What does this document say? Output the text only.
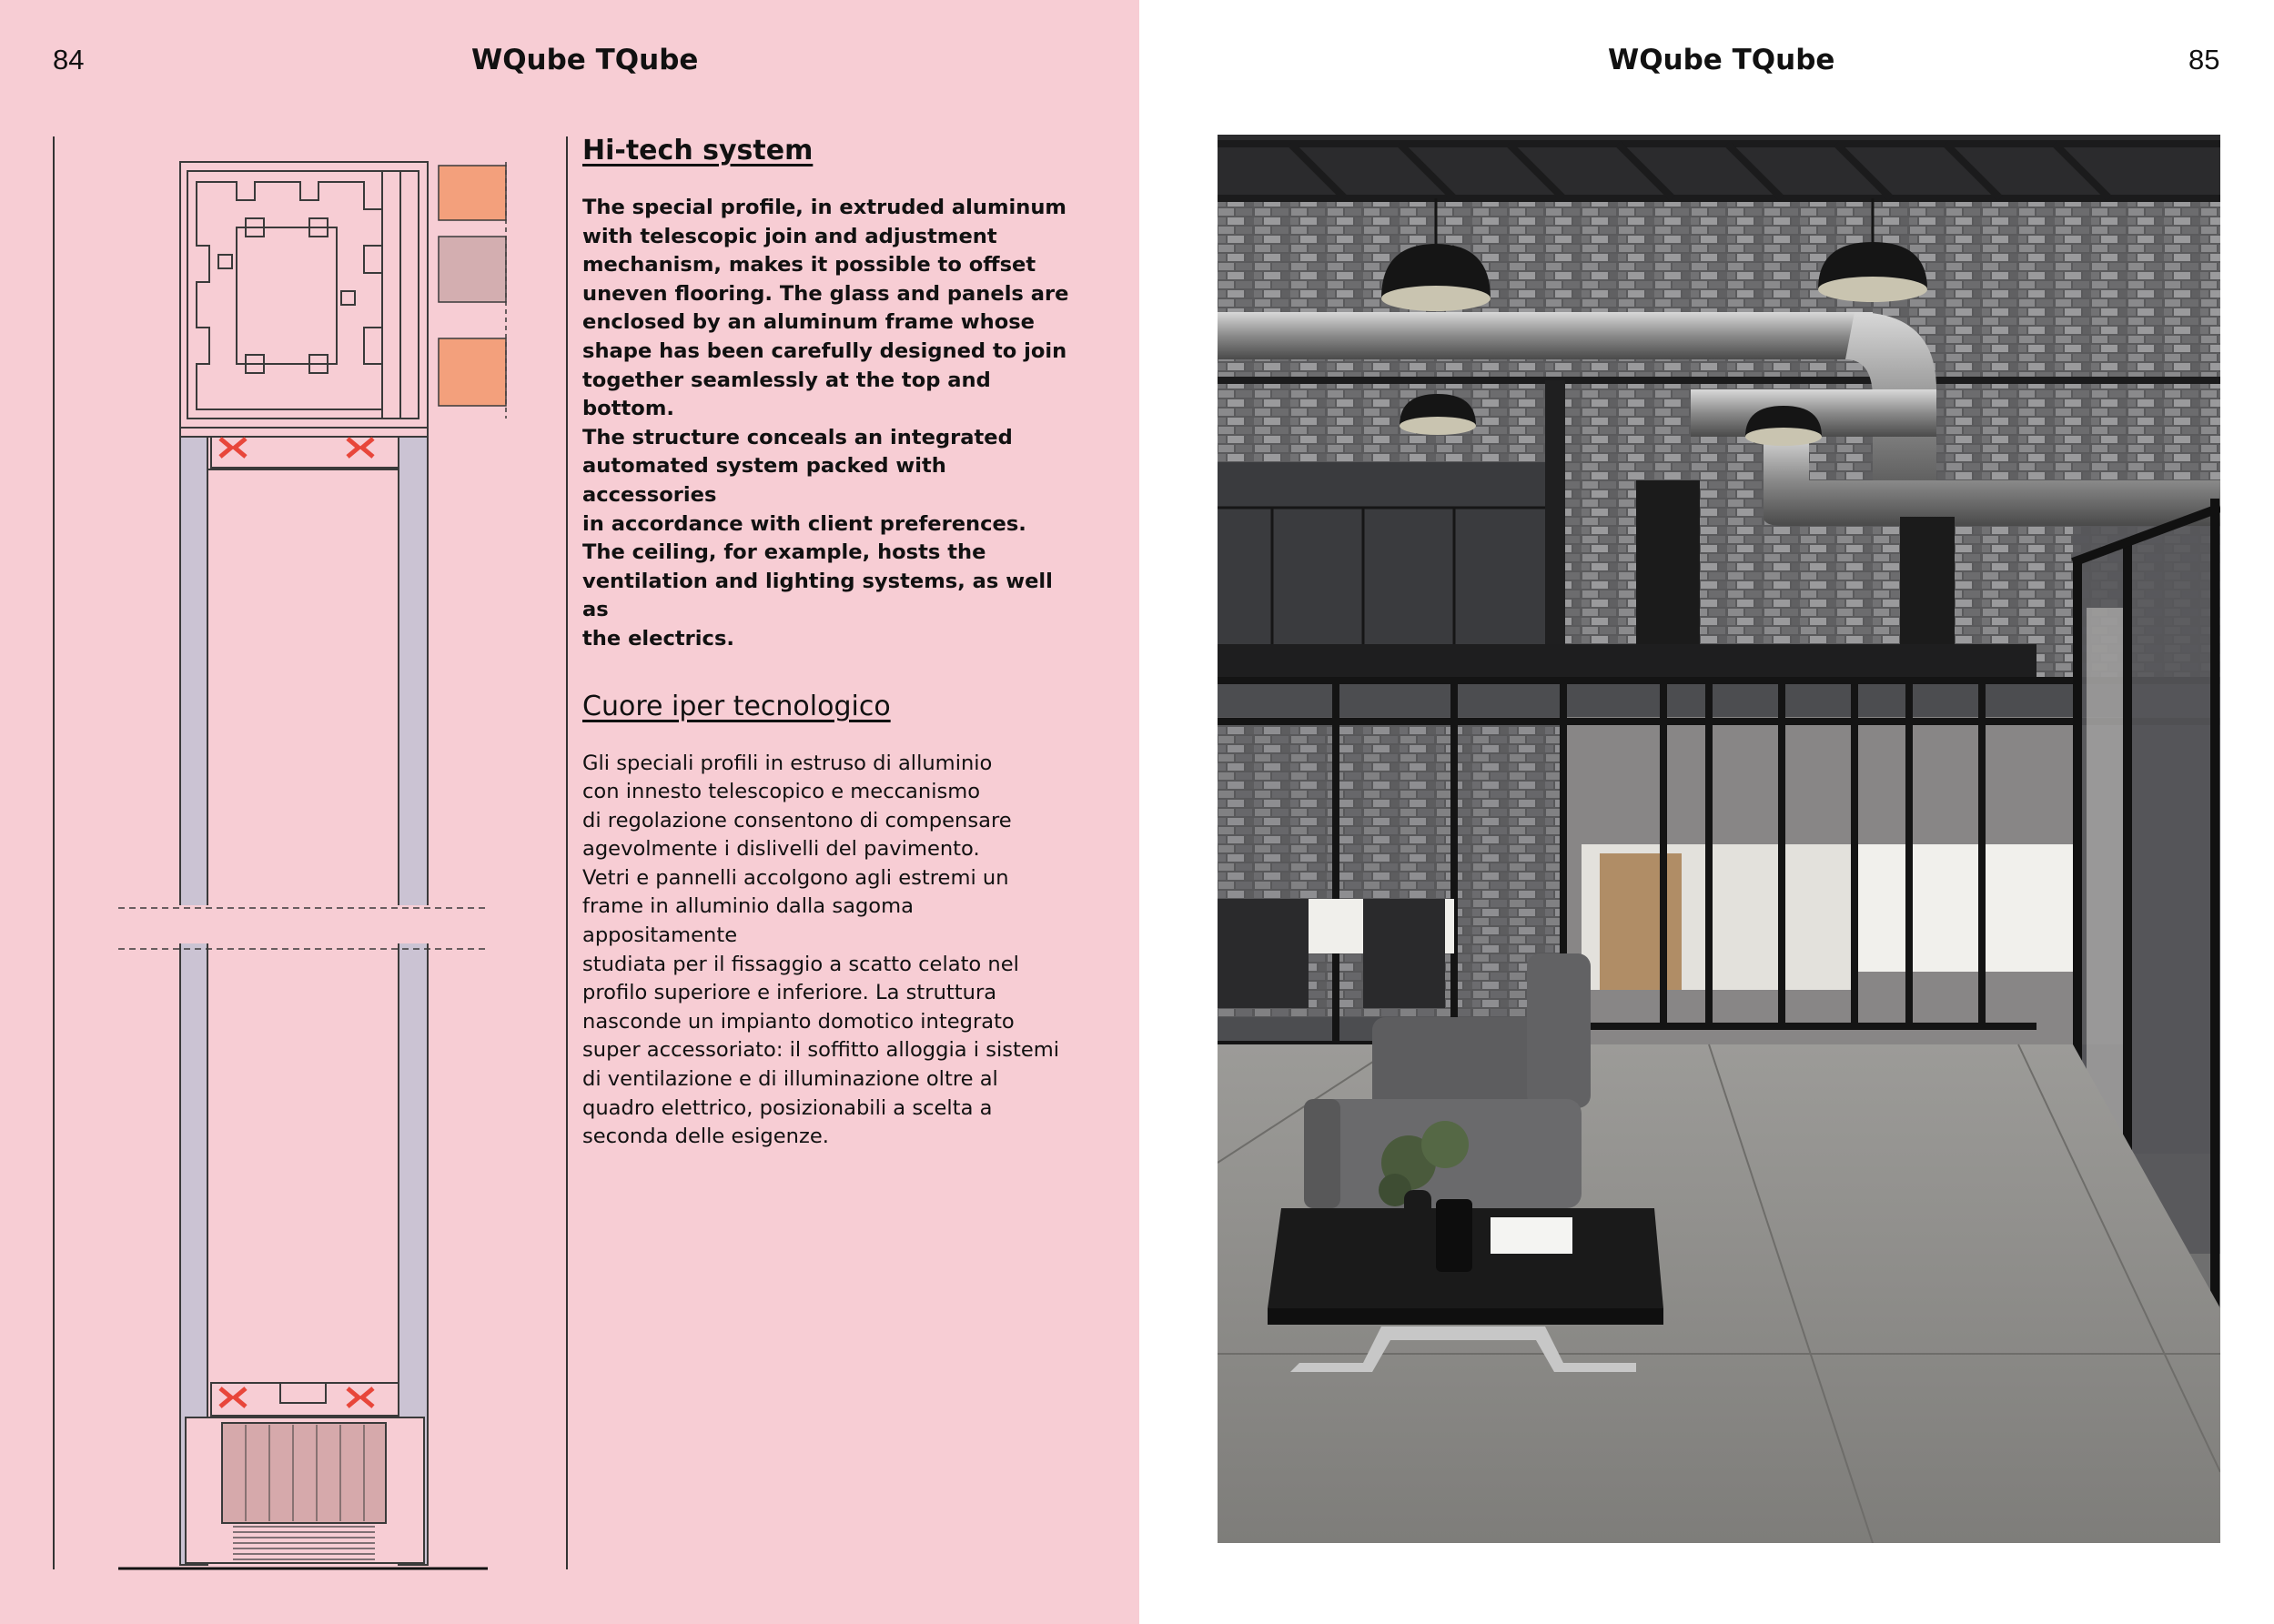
84	WQube TQube
Hi-tech system

The special profile, in extruded aluminum
with telescopic join and adjustment
mechanism, makes it possible to offset
uneven flooring. The glass and panels are
enclosed by an aluminum frame whose
shape has been carefully designed to join
together seamlessly at the top and bottom.
The structure conceals an integrated
automated system packed with accessories
in accordance with client preferences.
The ceiling, for example, hosts the
ventilation and lighting systems, as well as
the electrics.

Cuore iper tecnologico

Gli speciali profili in estruso di alluminio
con innesto telescopico e meccanismo
di regolazione consentono di compensare
agevolmente i dislivelli del pavimento.
Vetri e pannelli accolgono agli estremi un
frame in alluminio dalla sagoma appositamente
studiata per il fissaggio a scatto celato nel
profilo superiore e inferiore. La struttura
nasconde un impianto domotico integrato
super accessoriato: il soffitto alloggia i sistemi
di ventilazione e di illuminazione oltre al
quadro elettrico, posizionabili a scelta a
seconda delle esigenze.

WQube TQube	85
